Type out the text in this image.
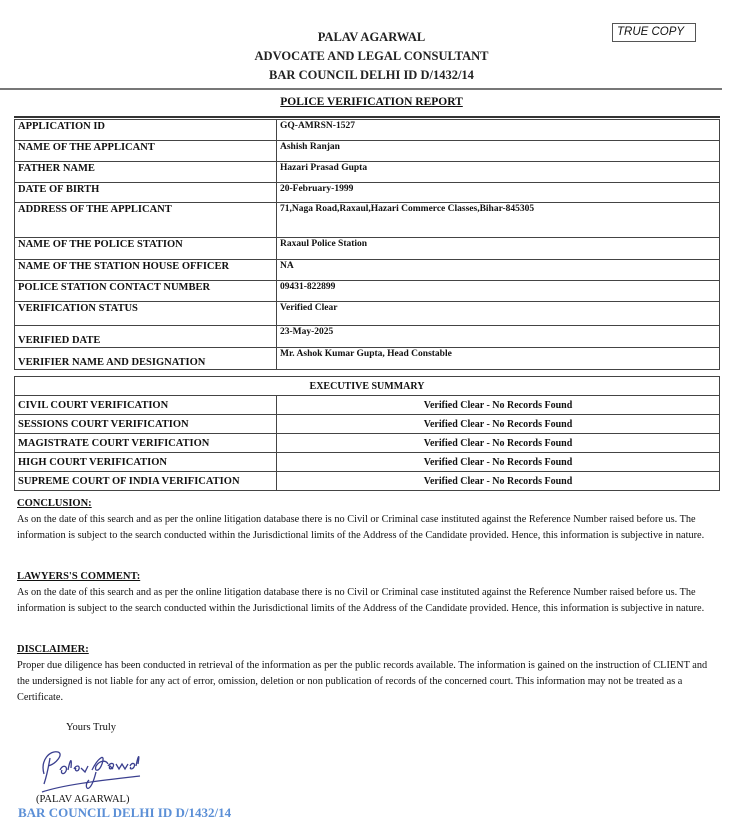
PALAV AGARWAL
ADVOCATE AND LEGAL CONSULTANT
BAR COUNCIL DELHI ID D/1432/14
TRUE COPY
POLICE VERIFICATION REPORT
APPLICATION ID	GQ-AMRSN-1527
NAME OF THE APPLICANT	Ashish Ranjan
FATHER NAME	Hazari Prasad Gupta
DATE OF BIRTH	20-February-1999
ADDRESS OF THE APPLICANT	71,Naga Road,Raxaul,Hazari Commerce Classes,Bihar-845305
NAME OF THE POLICE STATION	Raxaul Police Station
NAME OF THE STATION HOUSE OFFICER	NA
POLICE STATION CONTACT NUMBER	09431-822899
VERIFICATION STATUS	Verified Clear
VERIFIED DATE	23-May-2025
VERIFIER NAME AND DESIGNATION	Mr. Ashok Kumar Gupta, Head Constable
EXECUTIVE SUMMARY	
CIVIL COURT VERIFICATION	Verified Clear - No Records Found
SESSIONS COURT VERIFICATION	Verified Clear - No Records Found
MAGISTRATE COURT VERIFICATION	Verified Clear - No Records Found
HIGH COURT VERIFICATION	Verified Clear - No Records Found
SUPREME COURT OF INDIA VERIFICATION	Verified Clear - No Records Found
CONCLUSION:
As on the date of this search and as per the online litigation database there is no Civil or Criminal case instituted against the Reference Number raised before us. The information is subject to the search conducted within the Jurisdictional limits of the Address of the Candidate provided. Hence, this information is subjective in nature.
LAWYERS'S COMMENT:
As on the date of this search and as per the online litigation database there is no Civil or Criminal case instituted against the Reference Number raised before us. The information is subject to the search conducted within the Jurisdictional limits of the Address of the Candidate provided. Hence, this information is subjective in nature.
DISCLAIMER:
Proper due diligence has been conducted in retrieval of the information as per the public records available. The information is gained on the instruction of CLIENT and the undersigned is not liable for any act of error, omission, deletion or non publication of records of the concerned court. This information may not be treated as a Certificate.
Yours Truly
(PALAV AGARWAL)
BAR COUNCIL DELHI ID D/1432/14
